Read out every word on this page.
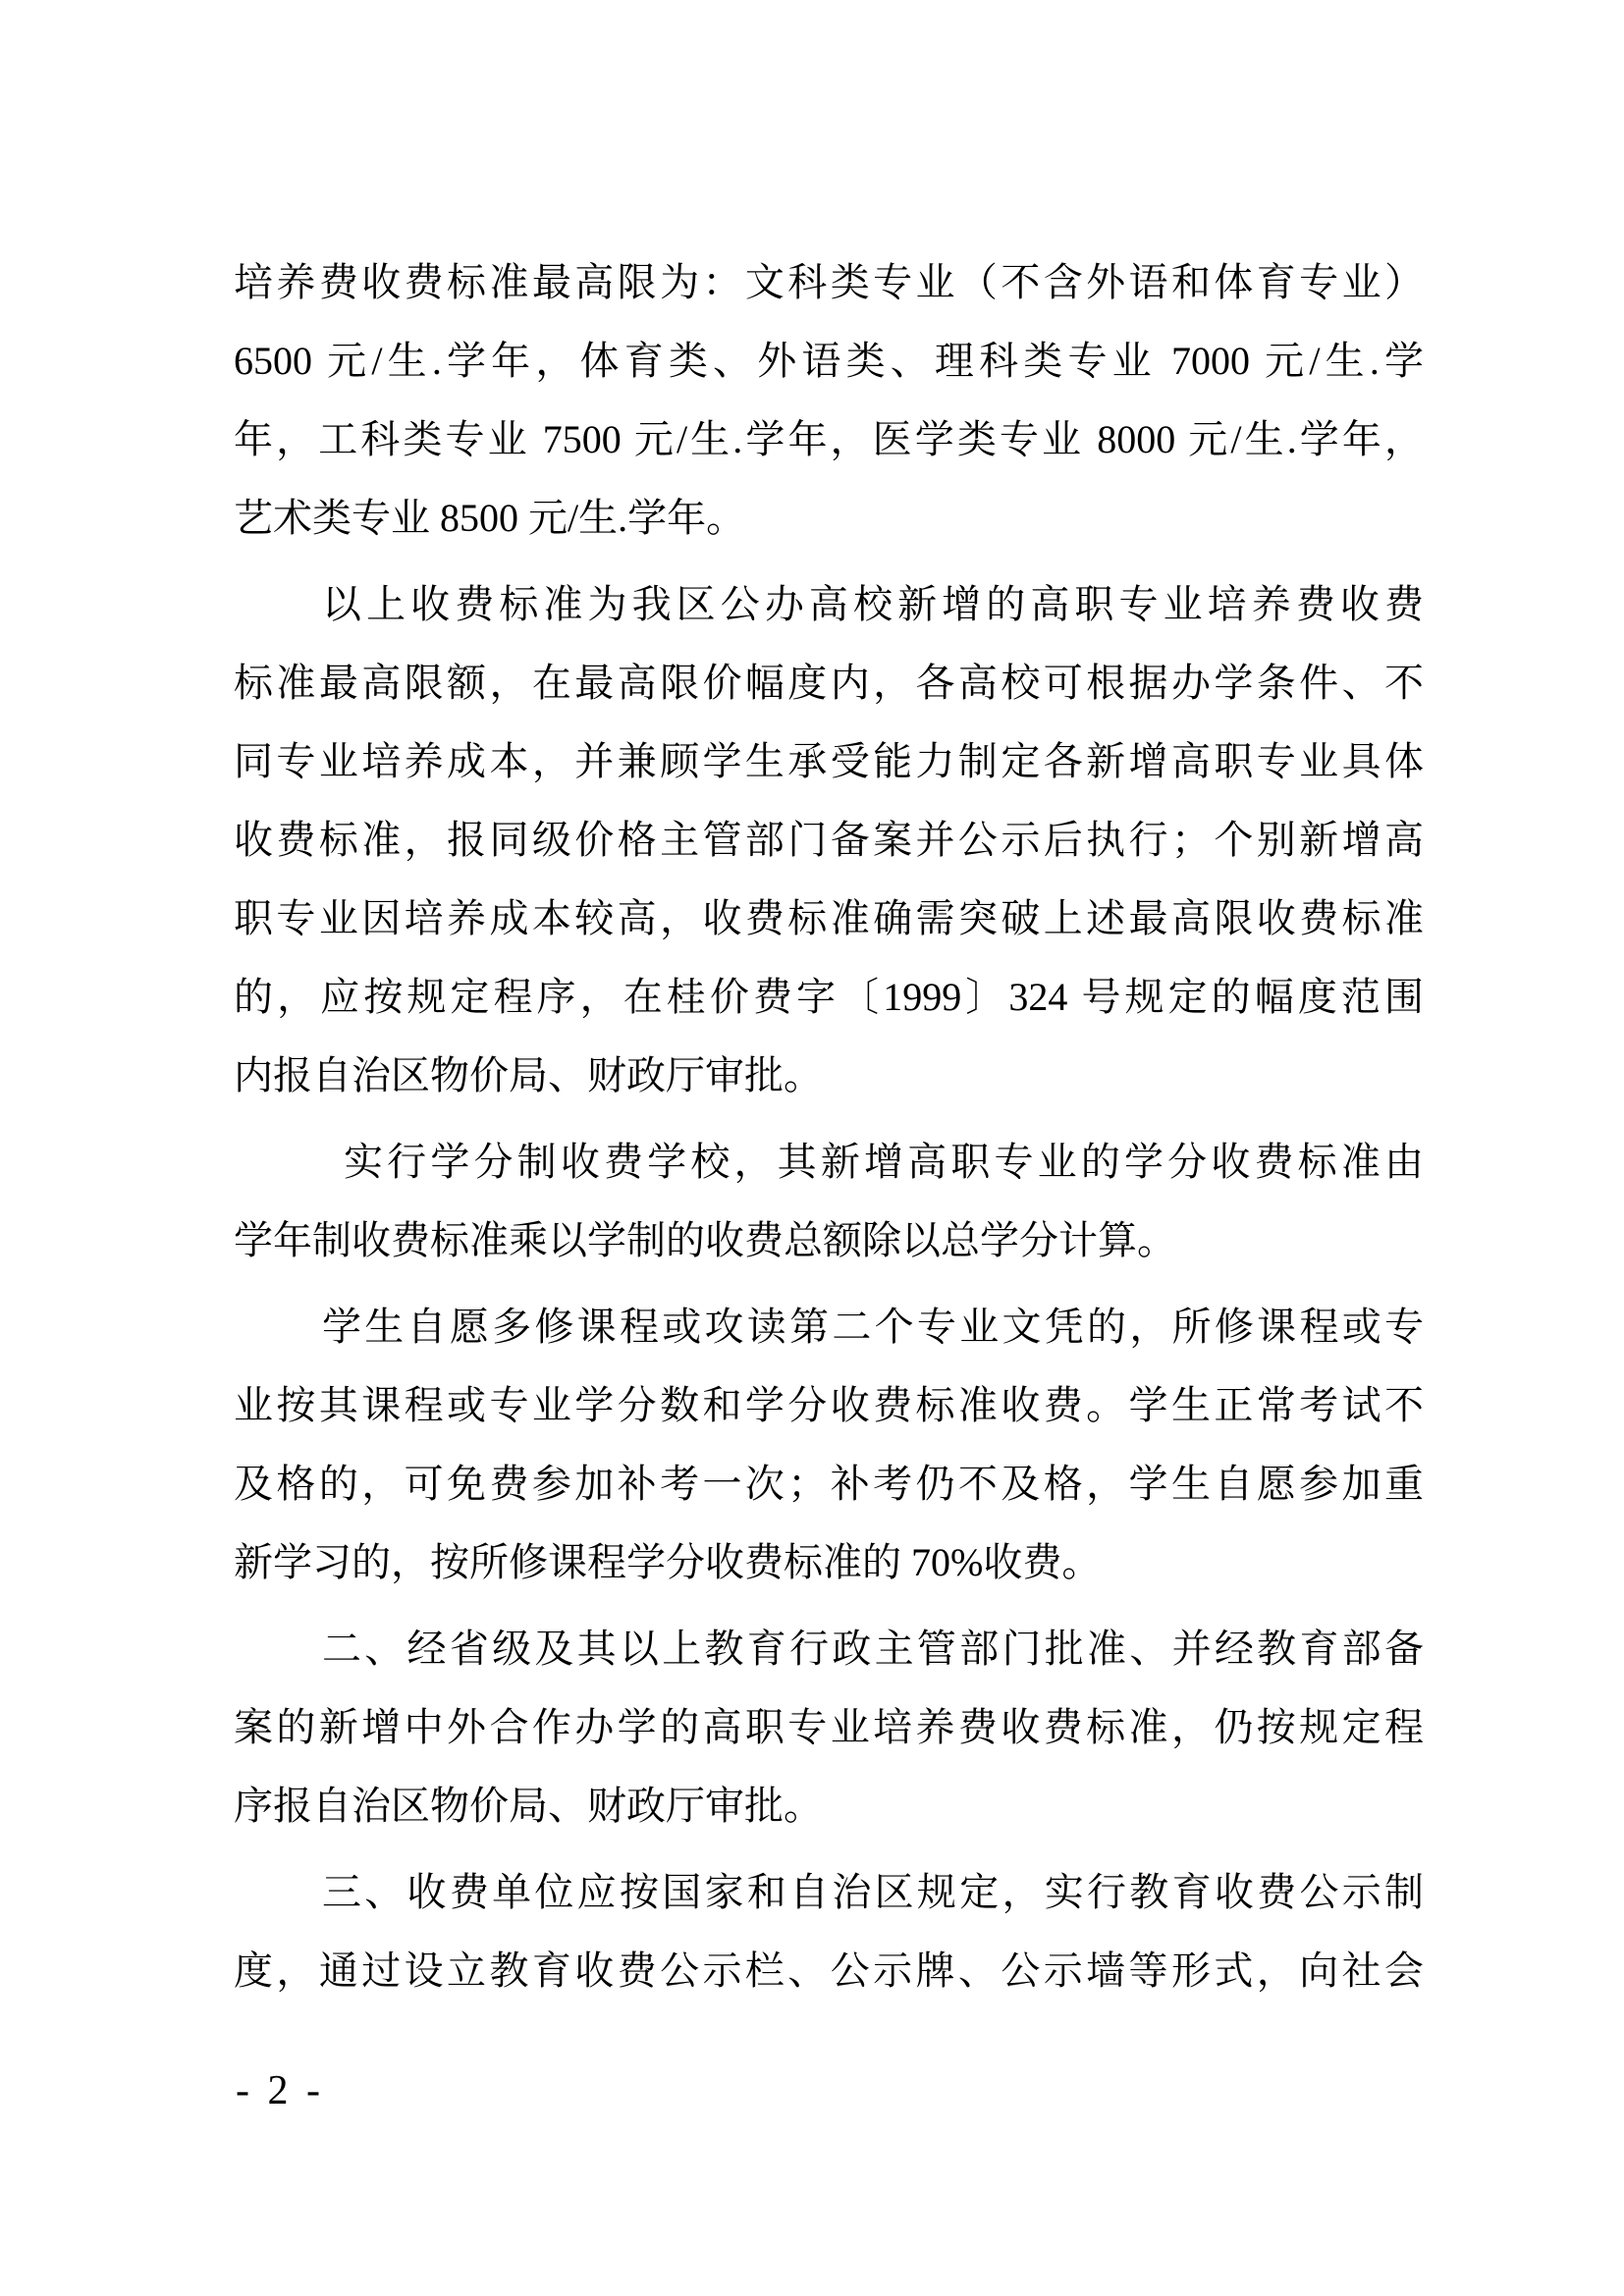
培养费收费标准最高限为：文科类专业（不含外语和体育专业）
6500 元/生.学年，体育类、外语类、理科类专业 7000 元/生.学
年，工科类专业 7500 元/生.学年，医学类专业 8000 元/生.学年，
艺术类专业 8500 元/生.学年。
以上收费标准为我区公办高校新增的高职专业培养费收费
标准最高限额，在最高限价幅度内，各高校可根据办学条件、不
同专业培养成本，并兼顾学生承受能力制定各新增高职专业具体
收费标准，报同级价格主管部门备案并公示后执行；个别新增高
职专业因培养成本较高，收费标准确需突破上述最高限收费标准
的，应按规定程序，在桂价费字〔1999〕324 号规定的幅度范围
内报自治区物价局、财政厅审批。
实行学分制收费学校，其新增高职专业的学分收费标准由
学年制收费标准乘以学制的收费总额除以总学分计算。
学生自愿多修课程或攻读第二个专业文凭的，所修课程或专
业按其课程或专业学分数和学分收费标准收费。学生正常考试不
及格的，可免费参加补考一次；补考仍不及格，学生自愿参加重
新学习的，按所修课程学分收费标准的 70%收费。
二、经省级及其以上教育行政主管部门批准、并经教育部备
案的新增中外合作办学的高职专业培养费收费标准，仍按规定程
序报自治区物价局、财政厅审批。
三、收费单位应按国家和自治区规定，实行教育收费公示制
度，通过设立教育收费公示栏、公示牌、公示墙等形式，向社会
- 2 -
